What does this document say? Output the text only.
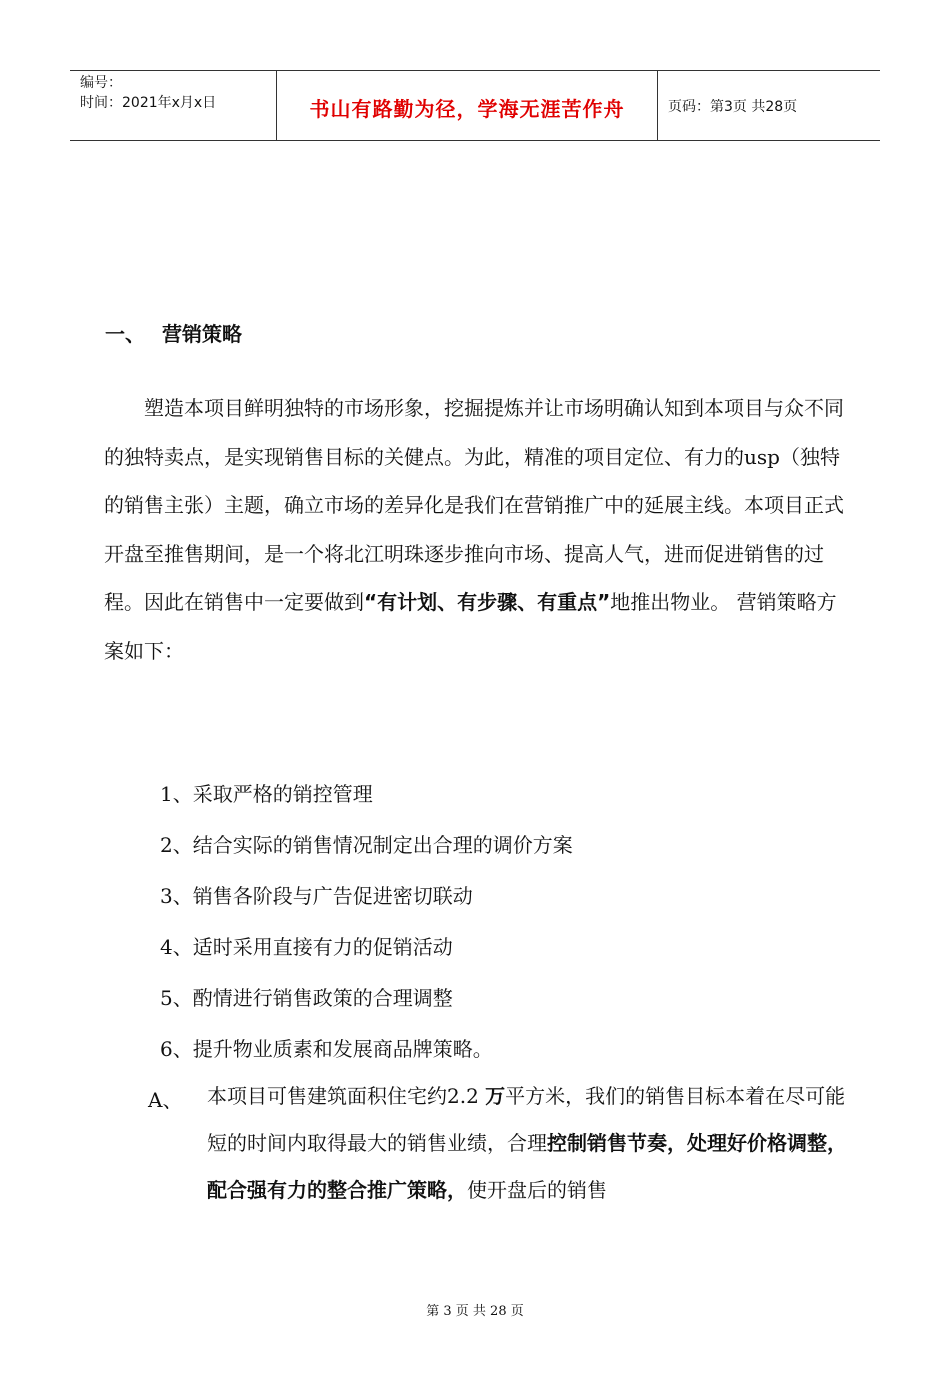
编号：
时间：2021年x月x日	书山有路勤为径，学海无涯苦作舟	页码：第3页 共28页
一、 营销策略
塑造本项目鲜明独特的市场形象，挖掘提炼并让市场明确认知到本项目与众不同的独特卖点，是实现销售目标的关健点。为此，精准的项目定位、有力的usp（独特的销售主张）主题，确立市场的差异化是我们在营销推广中的延展主线。本项目正式开盘至推售期间，是一个将北江明珠逐步推向市场、提高人气，进而促进销售的过程。因此在销售中一定要做到“有计划、有步骤、有重点”地推出物业。 营销策略方案如下：
1、采取严格的销控管理
2、结合实际的销售情况制定出合理的调价方案
3、销售各阶段与广告促进密切联动
4、适时采用直接有力的促销活动
5、酌情进行销售政策的合理调整
6、提升物业质素和发展商品牌策略。
A、 本项目可售建筑面积住宅约2.2 万平方米，我们的销售目标本着在尽可能短的时间内取得最大的销售业绩，合理控制销售节奏，处理好价格调整，配合强有力的整合推广策略，使开盘后的销售
第 3 页 共 28 页
